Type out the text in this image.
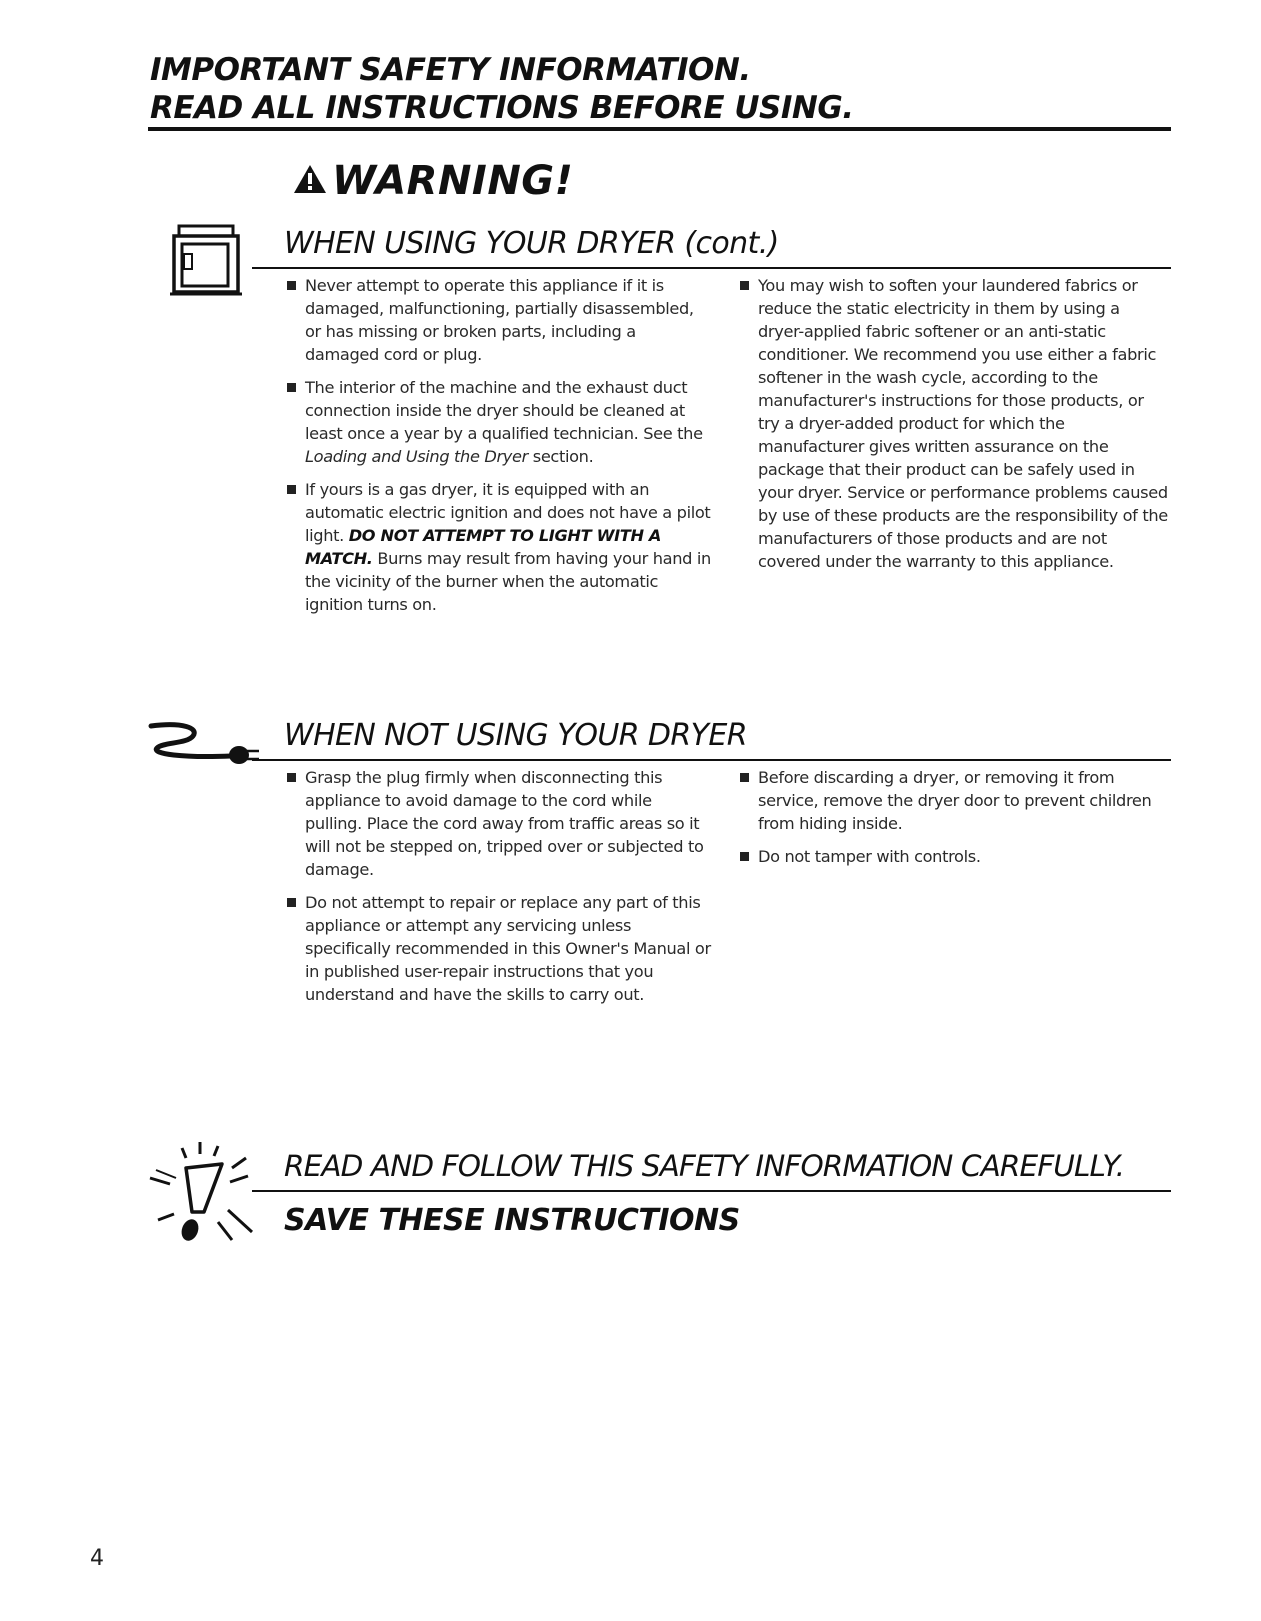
IMPORTANT SAFETY INFORMATION.
READ ALL INSTRUCTIONS BEFORE USING.
WARNING!
WHEN USING YOUR DRYER (cont.)

Never attempt to operate this appliance if it is damaged, malfunctioning, partially disassembled, or has missing or broken parts, including a damaged cord or plug.

The interior of the machine and the exhaust duct connection inside the dryer should be cleaned at least once a year by a qualified technician. See the Loading and Using the Dryer section.

If yours is a gas dryer, it is equipped with an automatic electric ignition and does not have a pilot light. DO NOT ATTEMPT TO LIGHT WITH A MATCH. Burns may result from having your hand in the vicinity of the burner when the automatic ignition turns on.

You may wish to soften your laundered fabrics or reduce the static electricity in them by using a dryer-applied fabric softener or an anti-static conditioner. We recommend you use either a fabric softener in the wash cycle, according to the manufacturer's instructions for those products, or try a dryer-added product for which the manufacturer gives written assurance on the package that their product can be safely used in your dryer. Service or performance problems caused by use of these products are the responsibility of the manufacturers of those products and are not covered under the warranty to this appliance.

WHEN NOT USING YOUR DRYER

Grasp the plug firmly when disconnecting this appliance to avoid damage to the cord while pulling. Place the cord away from traffic areas so it will not be stepped on, tripped over or subjected to damage.

Do not attempt to repair or replace any part of this appliance or attempt any servicing unless specifically recommended in this Owner's Manual or in published user-repair instructions that you understand and have the skills to carry out.

Before discarding a dryer, or removing it from service, remove the dryer door to prevent children from hiding inside.

Do not tamper with controls.

READ AND FOLLOW THIS SAFETY INFORMATION CAREFULLY.
SAVE THESE INSTRUCTIONS
4
